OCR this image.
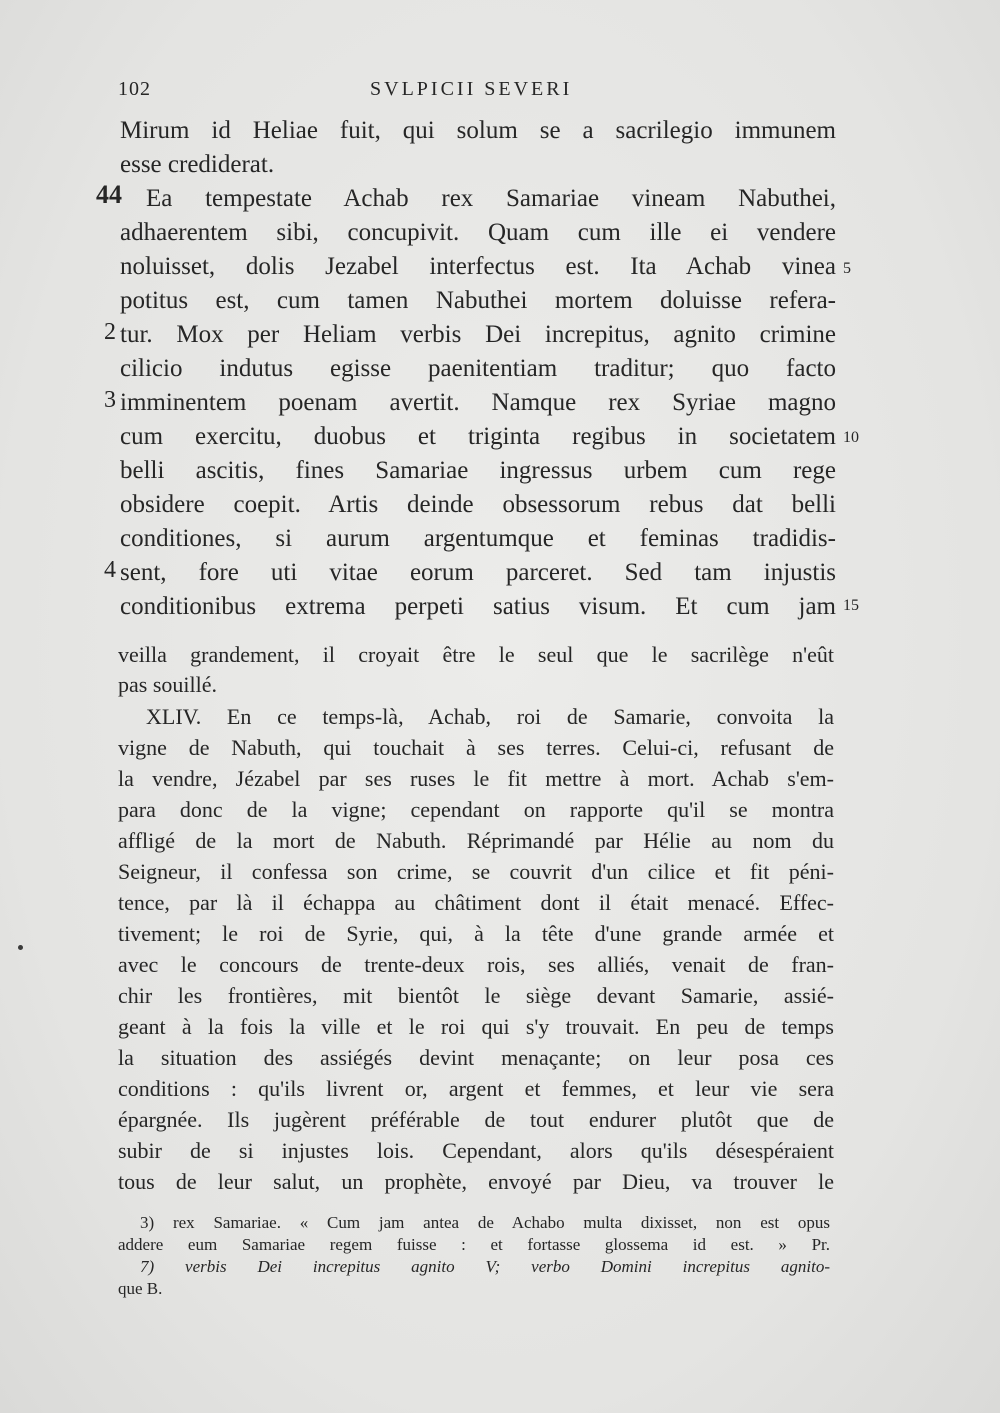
102	SVLPICII SEVERI
Mirum id Heliae fuit, qui solum se a sacrilegio immunem
esse crediderat.
Ea tempestate Achab rex Samariae vineam Nabuthei,
adhaerentem sibi, concupivit. Quam cum ille ei vendere
noluisset, dolis Jezabel interfectus est. Ita Achab vinea
potitus est, cum tamen Nabuthei mortem doluisse refera-
tur. Mox per Heliam verbis Dei increpitus, agnito crimine
cilicio indutus egisse paenitentiam traditur; quo facto
imminentem poenam avertit. Namque rex Syriae magno
cum exercitu, duobus et triginta regibus in societatem
belli ascitis, fines Samariae ingressus urbem cum rege
obsidere coepit. Artis deinde obsessorum rebus dat belli
conditiones, si aurum argentumque et feminas tradidis-
sent, fore uti vitae eorum parceret. Sed tam injustis
conditionibus extrema perpeti satius visum. Et cum jam
44
2
3
4
5
10
15
veilla grandement, il croyait être le seul que le sacrilège n'eût
pas souillé.
XLIV. En ce temps-là, Achab, roi de Samarie, convoita la
vigne de Nabuth, qui touchait à ses terres. Celui-ci, refusant de
la vendre, Jézabel par ses ruses le fit mettre à mort. Achab s'em-
para donc de la vigne; cependant on rapporte qu'il se montra
affligé de la mort de Nabuth. Réprimandé par Hélie au nom du
Seigneur, il confessa son crime, se couvrit d'un cilice et fit péni-
tence, par là il échappa au châtiment dont il était menacé. Effec-
tivement; le roi de Syrie, qui, à la tête d'une grande armée et
avec le concours de trente-deux rois, ses alliés, venait de fran-
chir les frontières, mit bientôt le siège devant Samarie, assié-
geant à la fois la ville et le roi qui s'y trouvait. En peu de temps
la situation des assiégés devint menaçante; on leur posa ces
conditions : qu'ils livrent or, argent et femmes, et leur vie sera
épargnée. Ils jugèrent préférable de tout endurer plutôt que de
subir de si injustes lois. Cependant, alors qu'ils désespéraient
tous de leur salut, un prophète, envoyé par Dieu, va trouver le
3) rex Samariae. « Cum jam antea de Achabo multa dixisset, non est opus
addere eum Samariae regem fuisse : et fortasse glossema id est. » Pr.
7) verbis Dei increpitus agnito V; verbo Domini increpitus agnito-
que B.
